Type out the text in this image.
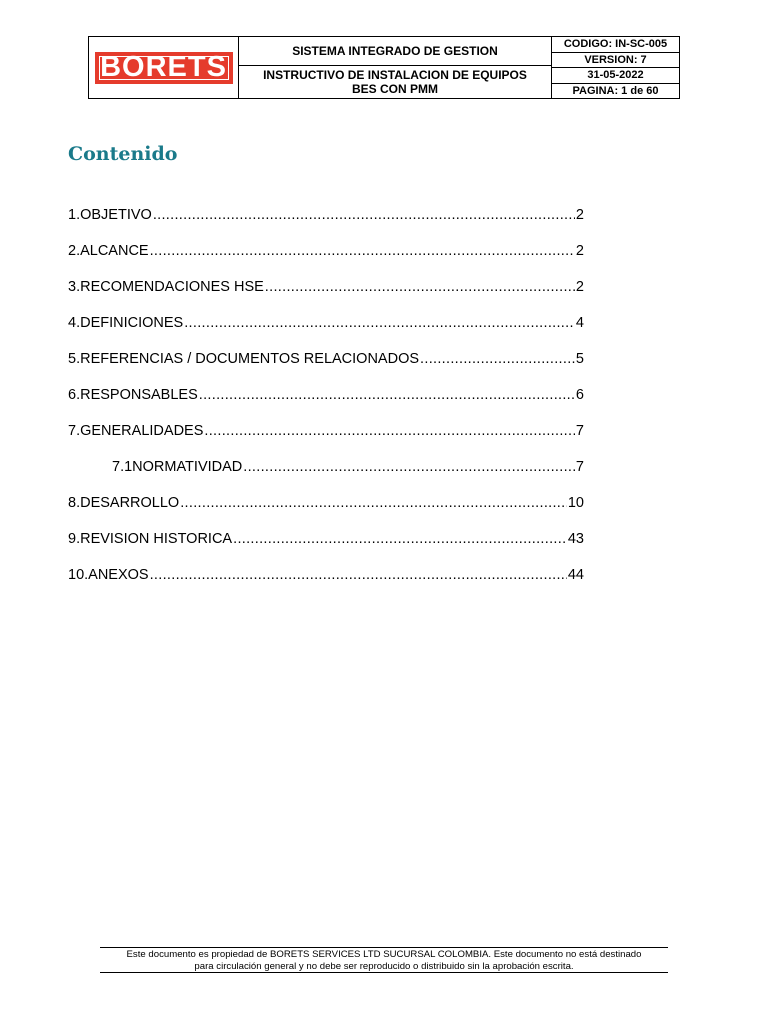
BORETS	SISTEMA INTEGRADO DE GESTION
INSTRUCTIVO DE INSTALACION DE EQUIPOS
BES CON PMM
CODIGO: IN-SC-005
VERSION: 7
31-05-2022
PAGINA: 1 de 60
Contenido
1.OBJETIVO .....	2
2.ALCANCE .....	2
3.RECOMENDACIONES HSE .....	2
4.DEFINICIONES .....	4
5.REFERENCIAS / DOCUMENTOS RELACIONADOS .....	5
6.RESPONSABLES .....	6
7.GENERALIDADES .....	7
7.1NORMATIVIDAD .....	7
8.DESARROLLO .....	10
9.REVISION HISTORICA .....	43
10.ANEXOS .....	44
Este documento es propiedad de BORETS SERVICES LTD SUCURSAL COLOMBIA. Este documento no está destinado
para circulación general y no debe ser reproducido o distribuido sin la aprobación escrita.
